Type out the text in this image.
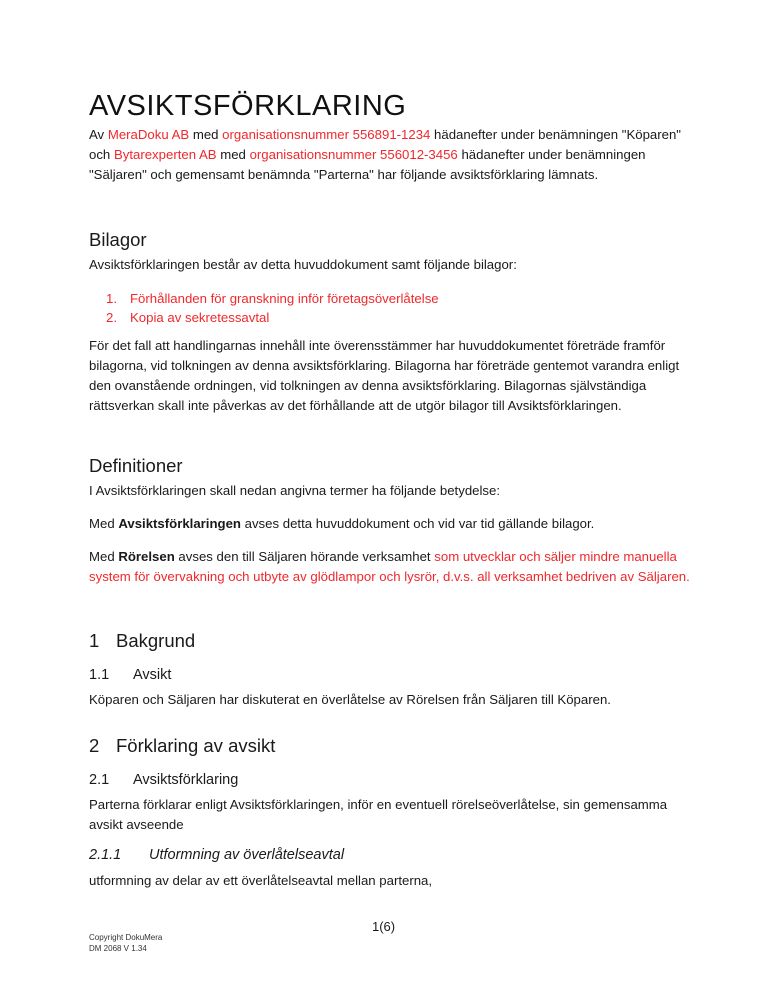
AVSIKTSFÖRKLARING

Av MeraDoku AB med organisationsnummer 556891-1234 hädanefter under benämningen "Köparen" och Bytarexperten AB med organisationsnummer 556012-3456 hädanefter under benämningen "Säljaren" och gemensamt benämnda "Parterna" har följande avsiktsförklaring lämnats.

Bilagor

Avsiktsförklaringen består av detta huvuddokument samt följande bilagor:

1. Förhållanden för granskning inför företagsöverlåtelse
2. Kopia av sekretessavtal

För det fall att handlingarnas innehåll inte överensstämmer har huvuddokumentet företräde framför bilagorna, vid tolkningen av denna avsiktsförklaring. Bilagorna har företräde gentemot varandra enligt den ovanstående ordningen, vid tolkningen av denna avsiktsförklaring. Bilagornas självständiga rättsverkan skall inte påverkas av det förhållande att de utgör bilagor till Avsiktsförklaringen.

Definitioner

I Avsiktsförklaringen skall nedan angivna termer ha följande betydelse:

Med Avsiktsförklaringen avses detta huvuddokument och vid var tid gällande bilagor.

Med Rörelsen avses den till Säljaren hörande verksamhet som utvecklar och säljer mindre manuella system för övervakning och utbyte av glödlampor och lysrör, d.v.s. all verksamhet bedriven av Säljaren.

1 Bakgrund
1.1 Avsikt

Köparen och Säljaren har diskuterat en överlåtelse av Rörelsen från Säljaren till Köparen.

2 Förklaring av avsikt
2.1 Avsiktsförklaring

Parterna förklarar enligt Avsiktsförklaringen, inför en eventuell rörelseöverlåtelse, sin gemensamma avsikt avseende

2.1.1 Utformning av överlåtelseavtal

utformning av delar av ett överlåtelseavtal mellan parterna,

1(6)
Copyright DokuMera
DM 2068 V 1.34
